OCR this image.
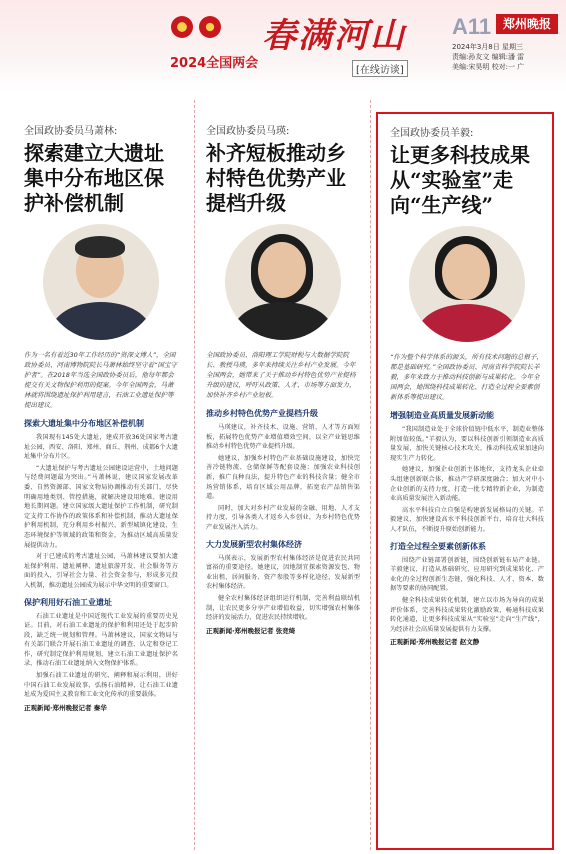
2024全国两会
春满河山
[在线访谈]
A11 郑州晚报
2024年3月8日 星期三
责编:孙友文 编辑:潘 雷
美编:宋昊明 校对:一 广
全国政协委员马萧林:
探索建立大遗址集中分布地区保护补偿机制
作为一名有着近30年工作经历的“资深文博人”，全国政协委员、河南博物院院长马萧林始终坚守着“国宝守护者”。在2018年当选全国政协委员后，他每年都会提交有关文物保护利用的提案。今年全国两会，马萧林就将围绕遗址保护利用建言，石油工业遗址保护等提出建议。
探索大遗址集中分布地区补偿机制
我国现有145处大遗址，建成开放36处国家考古遗址公园，西安、洛阳、郑州、商丘、荆州、成都6个大遗址集中分布片区。
“大遗址保护与考古遗址公园建设运营中，土地问题与经费问题最为突出。”马萧林说，建议国家发展改革委、自然资源部、国家文物局协调推动有关部门，尽快明确用地类别、管控措施，就解决建设用地难、建设用地长期问题。建立国家级大遗址保护工作机制，研究制定支持工作协作的政策体系和补偿机制，推动大遗址保护利用机制，充分利用乡村振兴、新型城镇化建设、生态环境保护等领域的政策和资金，为推动区域高质量发展提供动力。
对于已建成的考古遗址公园，马萧林建议要加大遗址保护利用、遗址阐释、遗址旅游开发、社会服务等方面的投入，引导社会力量、社会资金参与，形成多元投入机制，推动遗址公园成为展示中华文明的重要窗口。
保护利用好石油工业遗址
石油工业遗址是中国近现代工业发展的重要历史见证。目前，对石油工业遗址的保护和利用还处于起步阶段，缺乏统一规划和管理。马萧林建议，国家文物局与有关部门联合开展石油工业遗址的调查、认定和登记工作，研究制定保护利用规划，建立石油工业遗址保护名录，推动石油工业遗址纳入文物保护体系。
加强石油工业遗址的研究、阐释和展示利用，讲好中国石油工业发展故事，弘扬石油精神，让石油工业遗址成为爱国主义教育和工业文化传承的重要载体。
正观新闻·郑州晚报记者 秦华
全国政协委员马瑛:
补齐短板推动乡村特色优势产业提档升级
全国政协委员、洛阳理工学院财税与大数据学院院长、教授马瑛，多年来持续关注乡村产业发展。今年全国两会，她带来了关于推动乡村特色优势产业提档升级的建议，呼吁从政策、人才、市场等方面发力，加快补齐乡村产业短板。
推动乡村特色优势产业提档升级
马瑛建议，补齐技术、设施、营销、人才等方面短板，拓展特色优势产业增值增效空间，以全产业链思维推动乡村特色优势产业提档升级。
她建议，加强乡村特色产业基础设施建设，加快完善冷链物流、仓储保鲜等配套设施；加强农业科技创新，推广良种良法，提升特色产业的科技含量；健全市场营销体系，培育区域公用品牌，拓宽农产品销售渠道。
同时，加大对乡村产业发展的金融、用地、人才支持力度，引导各类人才返乡入乡创业，为乡村特色优势产业发展注入活力。
大力发展新型农村集体经济
马瑛表示，发展新型农村集体经济是促进农民共同富裕的重要途径。她建议，因地制宜探索资源发包、物业出租、居间服务、资产参股等多样化途径，发展新型农村集体经济。
健全农村集体经济组织运行机制，完善利益联结机制，让农民更多分享产业增值收益，切实增强农村集体经济的发展活力，促进农民持续增收。
正观新闻·郑州晚报记者 张竞绮
全国政协委员羊毅:
让更多科技成果从“实验室”走向“生产线”
“作为整个科学体系的源头，所有技术问题的总根子，都是基础研究。”全国政协委员、河南省科学院院长羊毅，多年来致力于推动科技创新与成果转化。今年全国两会，她围绕科技成果转化、打造全过程全要素创新体系等提出建议。
增强制造业高质量发展新动能
“我国制造业处于全球价值链中低水平，制造业整体附加值较低。”羊毅认为，要以科技创新引领制造业高质量发展，加快关键核心技术攻关，推动科技成果加速向现实生产力转化。
她建议，加强企业创新主体地位，支持龙头企业牵头组建创新联合体，推动产学研深度融合；加大对中小企业创新的支持力度，打造一批专精特新企业，为制造业高质量发展注入新动能。
高水平科技自立自强是构建新发展格局的关键。羊毅建议，加快建设高水平科技创新平台，培育壮大科技人才队伍，不断提升原始创新能力。
打造全过程全要素创新体系
围绕产业链部署创新链，围绕创新链布局产业链。羊毅建议，打造从基础研究、应用研究到成果转化、产业化的全过程创新生态链，强化科技、人才、资本、数据等要素的协同配置。
健全科技成果转化机制，建立以市场为导向的成果评价体系，完善科技成果转化激励政策，畅通科技成果转化通道，让更多科技成果从“实验室”走向“生产线”，为经济社会高质量发展提供有力支撑。
正观新闻·郑州晚报记者 赵文静
